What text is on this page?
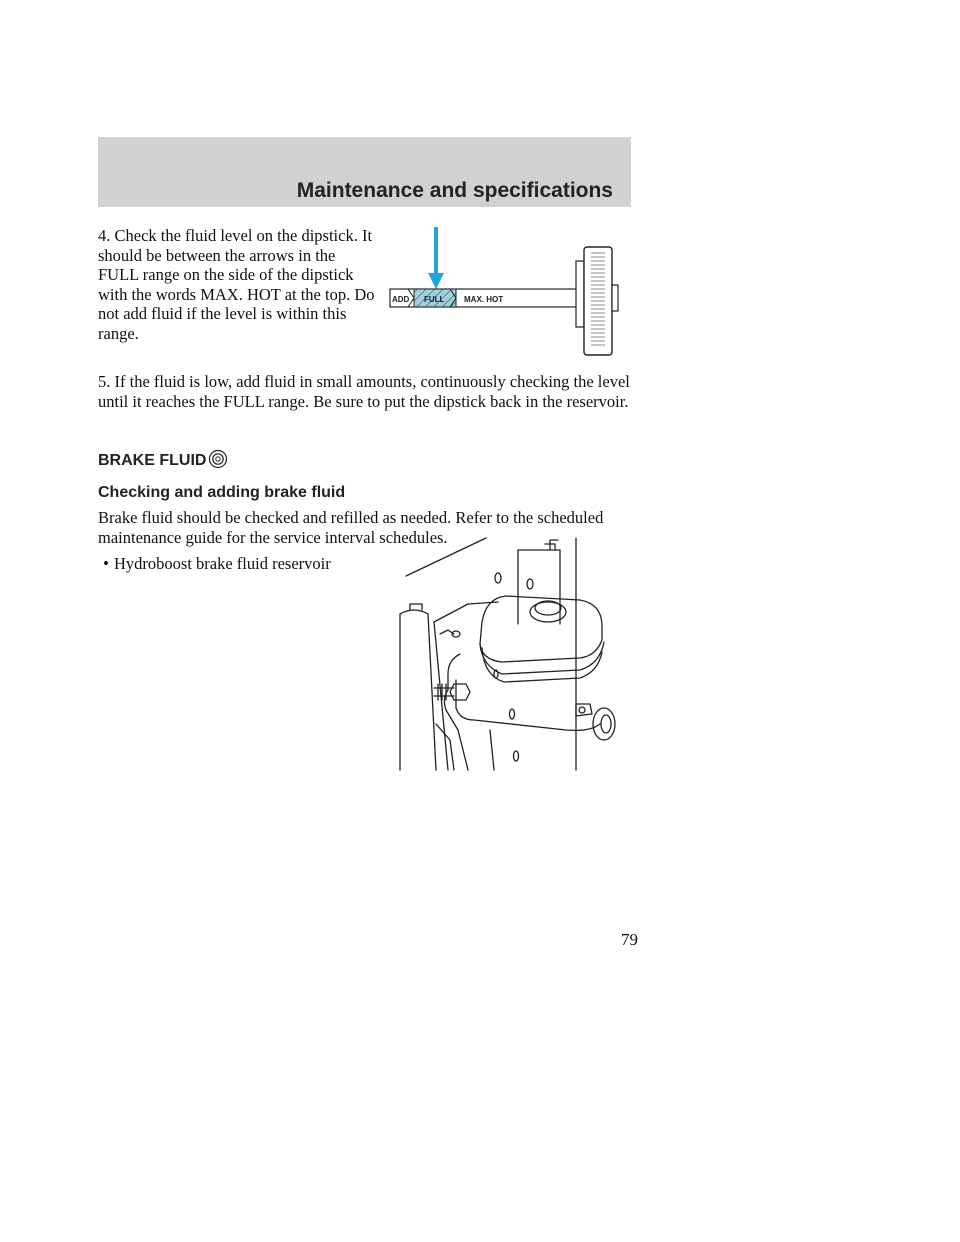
Maintenance and specifications

4. Check the fluid level on the dipstick. It should be between the arrows in the FULL range on the side of the dipstick with the words MAX. HOT at the top. Do not add fluid if the level is within this range.

ADD FULL MAX. HOT

5. If the fluid is low, add fluid in small amounts, continuously checking the level until it reaches the FULL range. Be sure to put the dipstick back in the reservoir.

BRAKE FLUID
Checking and adding brake fluid

Brake fluid should be checked and refilled as needed. Refer to the scheduled maintenance guide for the service interval schedules.

• Hydroboost brake fluid reservoir

79
